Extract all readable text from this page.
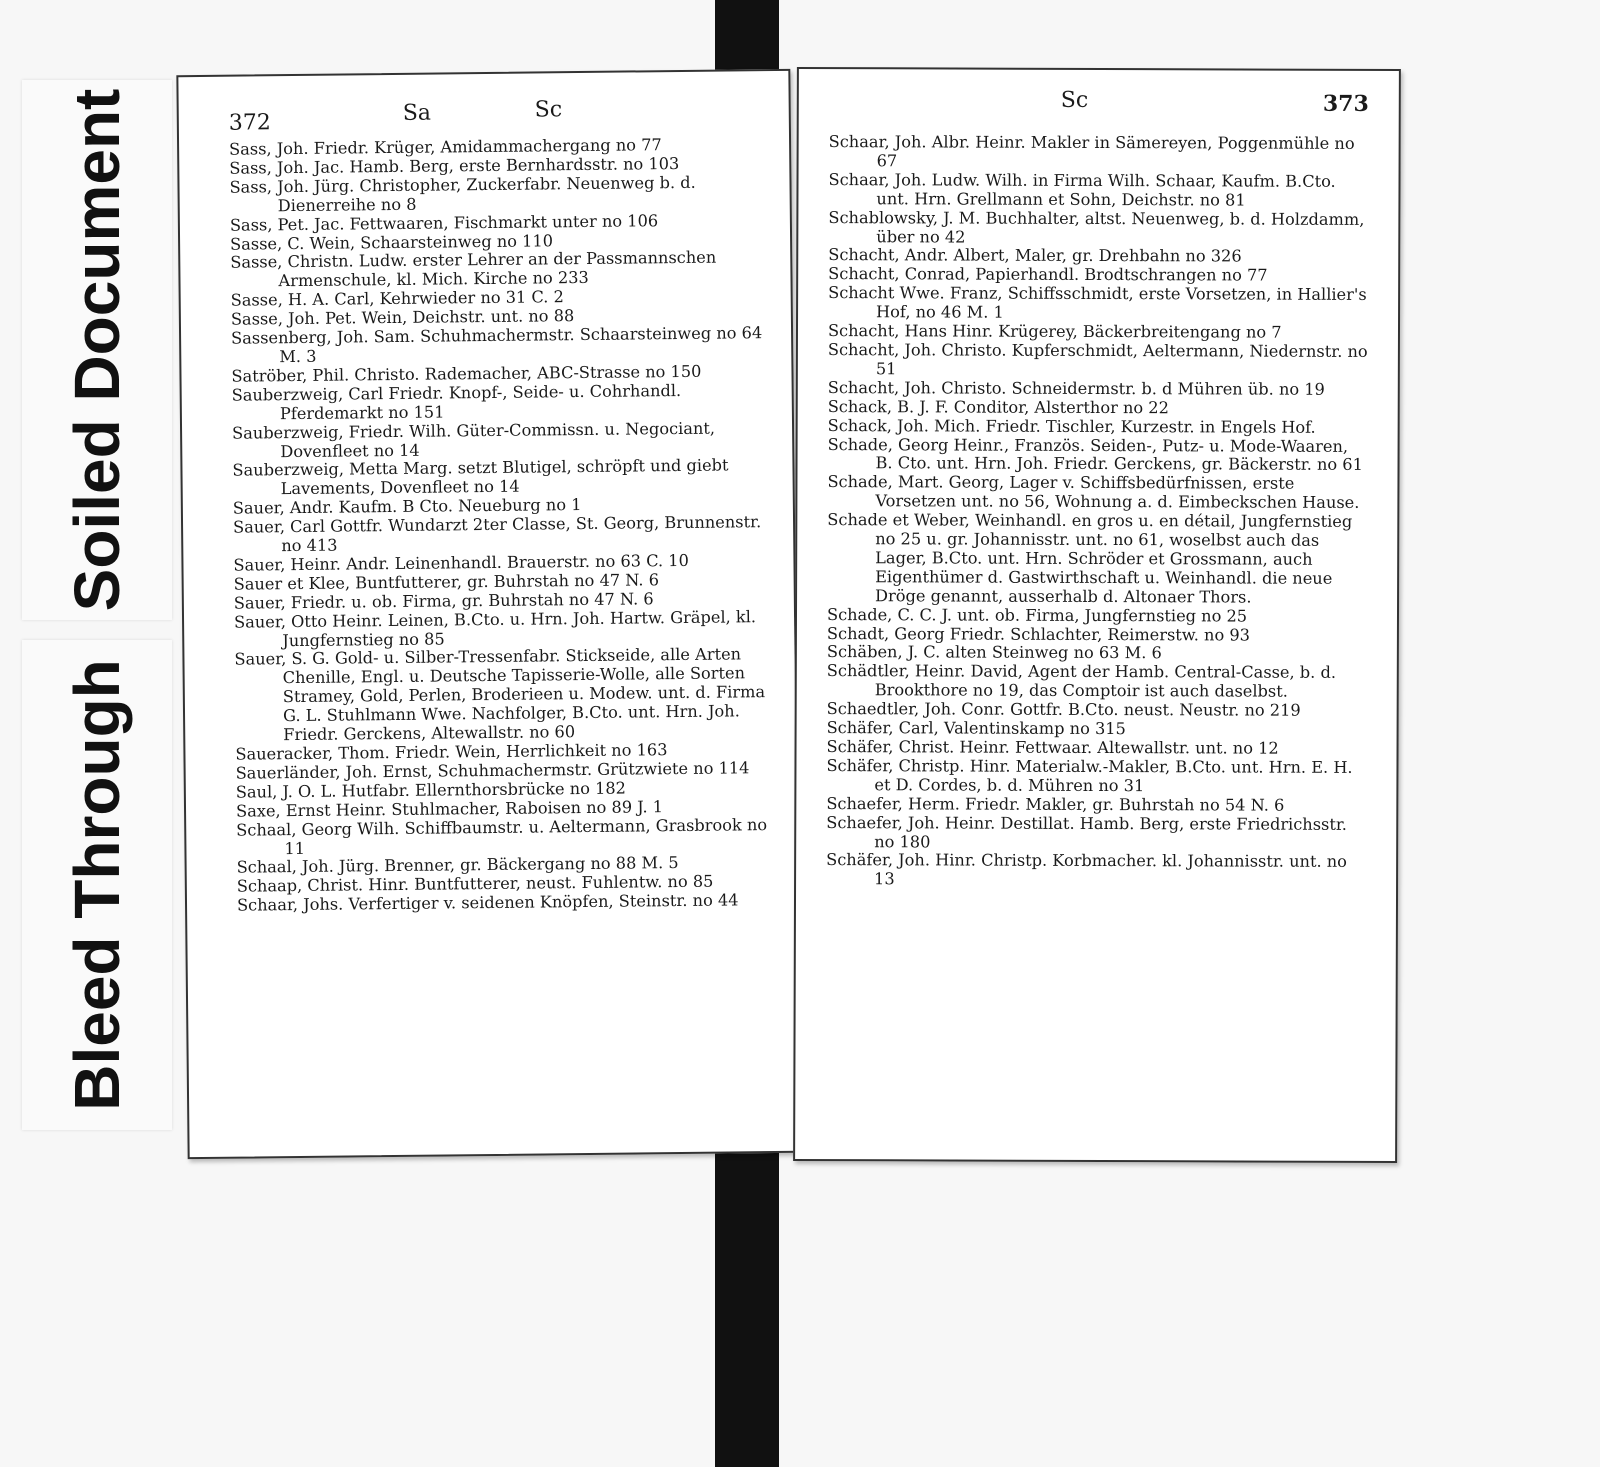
Soiled Document
Bleed Through
372	Sa	Sc
Sass, Joh. Friedr. Krüger, Amidammachergang no 77
Sass, Joh. Jac. Hamb. Berg, erste Bernhardsstr. no 103
Sass, Joh. Jürg. Christopher, Zuckerfabr. Neuenweg b. d. Dienerreihe no 8
Sass, Pet. Jac. Fettwaaren, Fischmarkt unter no 106
Sasse, C. Wein, Schaarsteinweg no 110
Sasse, Christn. Ludw. erster Lehrer an der Passmannschen Armenschule, kl. Mich. Kirche no 233
Sasse, H. A. Carl, Kehrwieder no 31 C. 2
Sasse, Joh. Pet. Wein, Deichstr. unt. no 88
Sassenberg, Joh. Sam. Schuhmachermstr. Schaarsteinweg no 64 M. 3
Satröber, Phil. Christo. Rademacher, ABC-Strasse no 150
Sauberzweig, Carl Friedr. Knopf-, Seide- u. Cohrhandl. Pferdemarkt no 151
Sauberzweig, Friedr. Wilh. Güter-Commissn. u. Negociant, Dovenfleet no 14
Sauberzweig, Metta Marg. setzt Blutigel, schröpft und giebt Lavements, Dovenfleet no 14
Sauer, Andr. Kaufm. B Cto. Neueburg no 1
Sauer, Carl Gottfr. Wundarzt 2ter Classe, St. Georg, Brunnenstr. no 413
Sauer, Heinr. Andr. Leinenhandl. Brauerstr. no 63 C. 10
Sauer et Klee, Buntfutterer, gr. Buhrstah no 47 N. 6
Sauer, Friedr. u. ob. Firma, gr. Buhrstah no 47 N. 6
Sauer, Otto Heinr. Leinen, B.Cto. u. Hrn. Joh. Hartw. Gräpel, kl. Jungfernstieg no 85
Sauer, S. G. Gold- u. Silber-Tressenfabr. Stickseide, alle Arten Chenille, Engl. u. Deutsche Tapisserie-Wolle, alle Sorten Stramey, Gold, Perlen, Broderieen u. Modew. unt. d. Firma G. L. Stuhlmann Wwe. Nachfolger, B.Cto. unt. Hrn. Joh. Friedr. Gerckens, Altewallstr. no 60
Saueracker, Thom. Friedr. Wein, Herrlichkeit no 163
Sauerländer, Joh. Ernst, Schuhmachermstr. Grützwiete no 114
Saul, J. O. L. Hutfabr. Ellernthorsbrücke no 182
Saxe, Ernst Heinr. Stuhlmacher, Raboisen no 89 J. 1
Schaal, Georg Wilh. Schiffbaumstr. u. Aeltermann, Grasbrook no 11
Schaal, Joh. Jürg. Brenner, gr. Bäckergang no 88 M. 5
Schaap, Christ. Hinr. Buntfutterer, neust. Fuhlentw. no 85
Schaar, Johs. Verfertiger v. seidenen Knöpfen, Steinstr. no 44
Sc	373
Schaar, Joh. Albr. Heinr. Makler in Sämereyen, Poggenmühle no 67
Schaar, Joh. Ludw. Wilh. in Firma Wilh. Schaar, Kaufm. B.Cto. unt. Hrn. Grellmann et Sohn, Deichstr. no 81
Schablowsky, J. M. Buchhalter, altst. Neuenweg, b. d. Holzdamm, über no 42
Schacht, Andr. Albert, Maler, gr. Drehbahn no 326
Schacht, Conrad, Papierhandl. Brodtschrangen no 77
Schacht Wwe. Franz, Schiffsschmidt, erste Vorsetzen, in Hallier's Hof, no 46 M. 1
Schacht, Hans Hinr. Krügerey, Bäckerbreitengang no 7
Schacht, Joh. Christo. Kupferschmidt, Aeltermann, Niedernstr. no 51
Schacht, Joh. Christo. Schneidermstr. b. d Mühren üb. no 19
Schack, B. J. F. Conditor, Alsterthor no 22
Schack, Joh. Mich. Friedr. Tischler, Kurzestr. in Engels Hof.
Schade, Georg Heinr., Französ. Seiden-, Putz- u. Mode-Waaren, B. Cto. unt. Hrn. Joh. Friedr. Gerckens, gr. Bäckerstr. no 61
Schade, Mart. Georg, Lager v. Schiffsbedürfnissen, erste Vorsetzen unt. no 56, Wohnung a. d. Eimbeckschen Hause.
Schade et Weber, Weinhandl. en gros u. en détail, Jungfernstieg no 25 u. gr. Johannisstr. unt. no 61, woselbst auch das Lager, B.Cto. unt. Hrn. Schröder et Grossmann, auch Eigenthümer d. Gastwirthschaft u. Weinhandl. die neue Dröge genannt, ausserhalb d. Altonaer Thors.
Schade, C. C. J. unt. ob. Firma, Jungfernstieg no 25
Schadt, Georg Friedr. Schlachter, Reimerstw. no 93
Schäben, J. C. alten Steinweg no 63 M. 6
Schädtler, Heinr. David, Agent der Hamb. Central-Casse, b. d. Brookthore no 19, das Comptoir ist auch daselbst.
Schaedtler, Joh. Conr. Gottfr. B.Cto. neust. Neustr. no 219
Schäfer, Carl, Valentinskamp no 315
Schäfer, Christ. Heinr. Fettwaar. Altewallstr. unt. no 12
Schäfer, Christp. Hinr. Materialw.-Makler, B.Cto. unt. Hrn. E. H. et D. Cordes, b. d. Mühren no 31
Schaefer, Herm. Friedr. Makler, gr. Buhrstah no 54 N. 6
Schaefer, Joh. Heinr. Destillat. Hamb. Berg, erste Friedrichsstr. no 180
Schäfer, Joh. Hinr. Christp. Korbmacher. kl. Johannisstr. unt. no 13
